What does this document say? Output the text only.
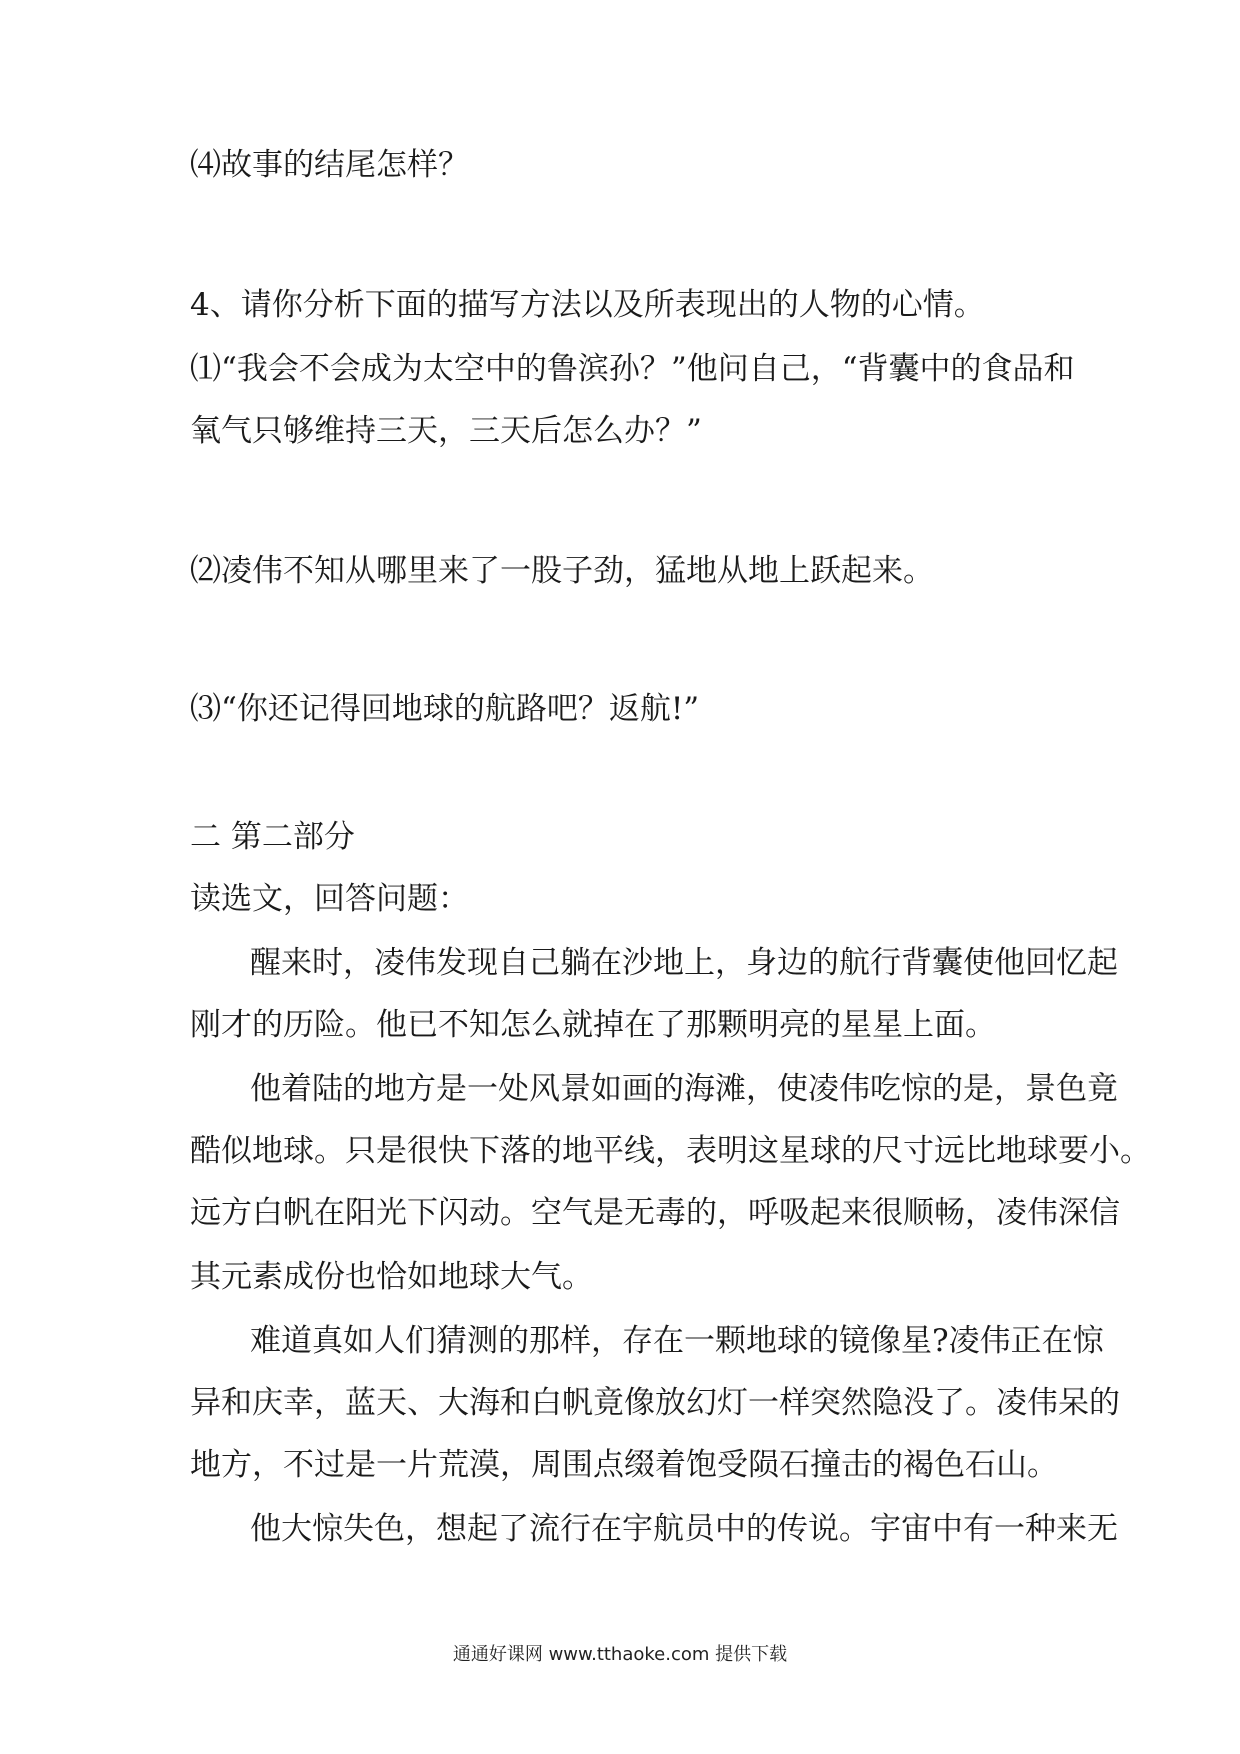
⑷故事的结尾怎样？
4、请你分析下面的描写方法以及所表现出的人物的心情。
⑴“我会不会成为太空中的鲁滨孙？”他问自己，“背囊中的食品和
氧气只够维持三天，三天后怎么办？”
⑵凌伟不知从哪里来了一股子劲，猛地从地上跃起来。
⑶“你还记得回地球的航路吧？返航!”
二 第二部分
读选文，回答问题：
醒来时，凌伟发现自己躺在沙地上，身边的航行背囊使他回忆起
刚才的历险。他已不知怎么就掉在了那颗明亮的星星上面。
他着陆的地方是一处风景如画的海滩，使凌伟吃惊的是，景色竟
酷似地球。只是很快下落的地平线，表明这星球的尺寸远比地球要小。
远方白帆在阳光下闪动。空气是无毒的，呼吸起来很顺畅，凌伟深信
其元素成份也恰如地球大气。
难道真如人们猜测的那样，存在一颗地球的镜像星?凌伟正在惊
异和庆幸，蓝天、大海和白帆竟像放幻灯一样突然隐没了。凌伟呆的
地方，不过是一片荒漠，周围点缀着饱受陨石撞击的褐色石山。
他大惊失色，想起了流行在宇航员中的传说。宇宙中有一种来无
通通好课网 www.tthaoke.com 提供下载
